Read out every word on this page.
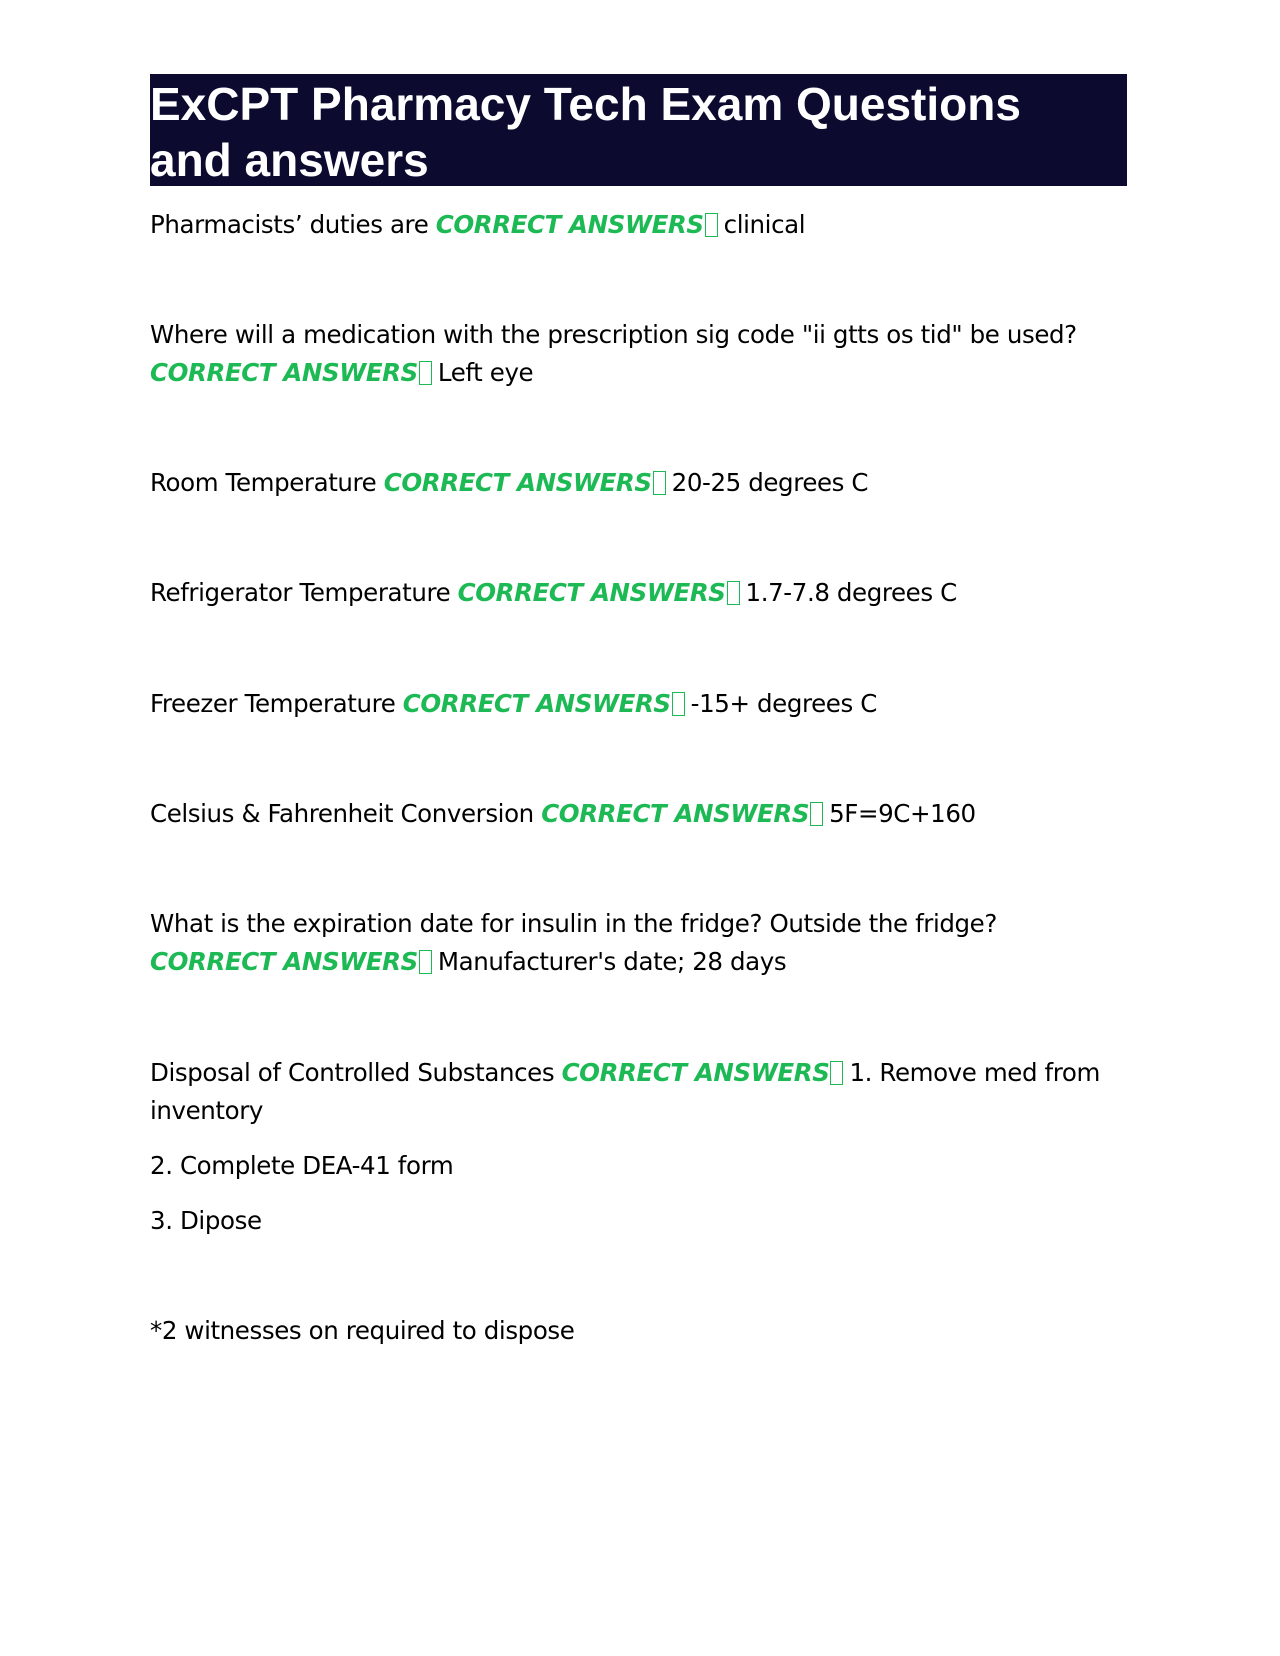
ExCPT Pharmacy Tech Exam Questions
and answers
Pharmacists’ duties are CORRECT ANSWERS clinical
Where will a medication with the prescription sig code "ii gtts os tid" be used? CORRECT ANSWERS Left eye
Room Temperature CORRECT ANSWERS 20-25 degrees C
Refrigerator Temperature CORRECT ANSWERS 1.7-7.8 degrees C
Freezer Temperature CORRECT ANSWERS -15+ degrees C
Celsius & Fahrenheit Conversion CORRECT ANSWERS 5F=9C+160
What is the expiration date for insulin in the fridge? Outside the fridge? CORRECT ANSWERS Manufacturer's date; 28 days
Disposal of Controlled Substances CORRECT ANSWERS 1. Remove med from inventory
2. Complete DEA-41 form
3. Dipose
*2 witnesses on required to dispose
